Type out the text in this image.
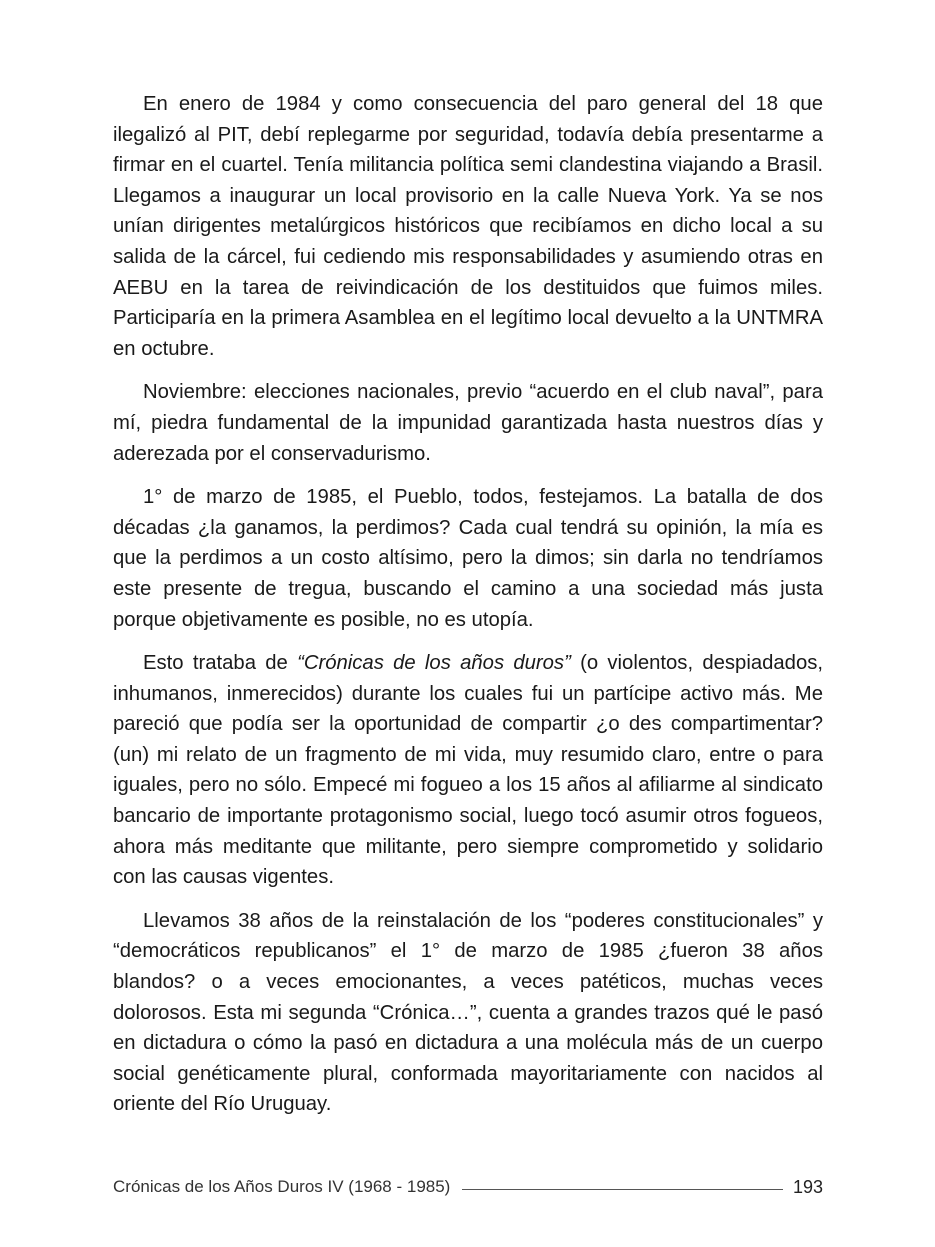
En enero de 1984 y como consecuencia del paro general del 18 que ilegalizó al PIT, debí replegarme por seguridad, todavía debía presentarme a firmar en el cuartel. Tenía militancia política semi clandestina viajando a Brasil. Llegamos a inaugurar un local provisorio en la calle Nueva York. Ya se nos unían dirigentes metalúrgicos históricos que recibíamos en dicho local a su salida de la cárcel, fui cediendo mis responsabilidades y asumiendo otras en AEBU en la tarea de reivindicación de los destituidos que fuimos miles. Participaría en la primera Asamblea en el legítimo local devuelto a la UNTMRA en octubre.

Noviembre: elecciones nacionales, previo “acuerdo en el club naval”, para mí, piedra fundamental de la impunidad garantizada hasta nuestros días y aderezada por el conservadurismo.

1° de marzo de 1985, el Pueblo, todos, festejamos. La batalla de dos décadas ¿la ganamos, la perdimos? Cada cual tendrá su opinión, la mía es que la perdimos a un costo altísimo, pero la dimos; sin darla no tendríamos este presente de tregua, buscando el camino a una sociedad más justa porque objetivamente es posible, no es utopía.

Esto trataba de “Crónicas de los años duros” (o violentos, despiadados, inhumanos, inmerecidos) durante los cuales fui un partícipe activo más. Me pareció que podía ser la oportunidad de compartir ¿o des compartimentar? (un) mi relato de un fragmento de mi vida, muy resumido claro, entre o para iguales, pero no sólo. Empecé mi fogueo a los 15 años al afiliarme al sindicato bancario de importante protagonismo social, luego tocó asumir otros fogueos, ahora más meditante que militante, pero siempre comprometido y solidario con las causas vigentes.

Llevamos 38 años de la reinstalación de los “poderes constitucionales” y “democráticos republicanos” el 1° de marzo de 1985 ¿fueron 38 años blandos? o a veces emocionantes, a veces patéticos, muchas veces dolorosos. Esta mi segunda “Crónica…”, cuenta a grandes trazos qué le pasó en dictadura o cómo la pasó en dictadura a una molécula más de un cuerpo social genéticamente plural, conformada mayoritariamente con nacidos al oriente del Río Uruguay.

Crónicas de los Años Duros IV (1968 - 1985)	193
